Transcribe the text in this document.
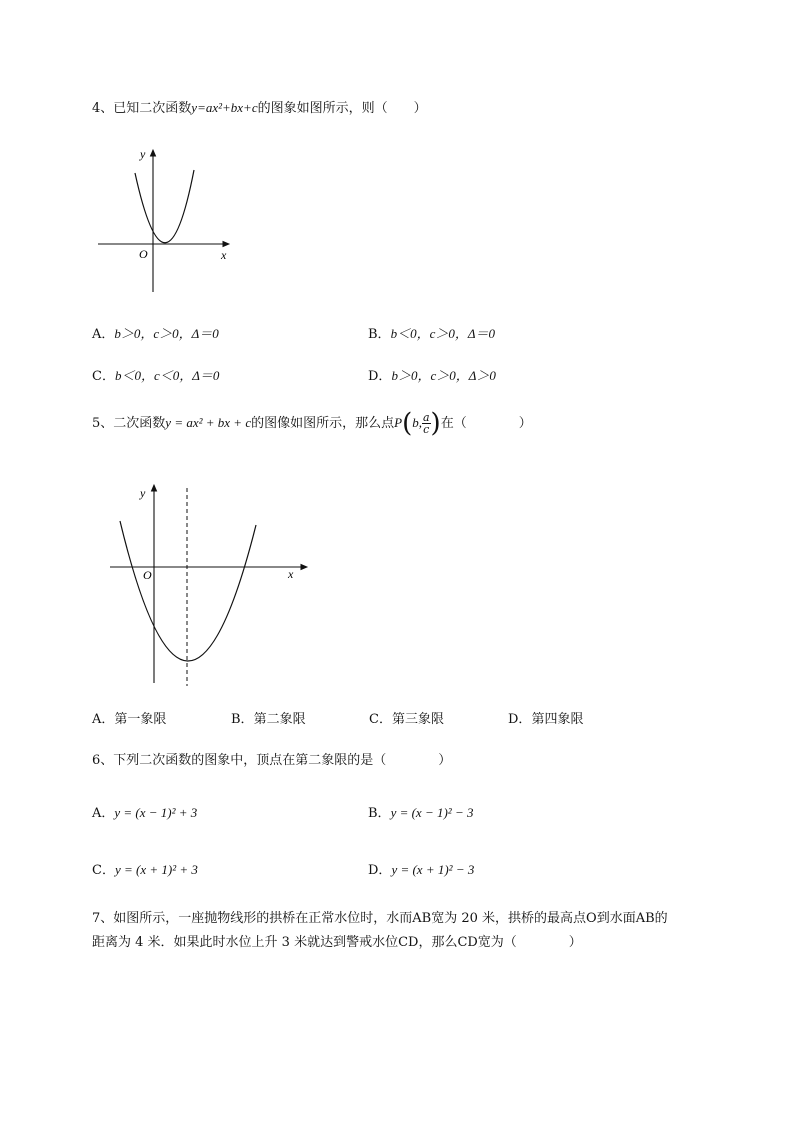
4、已知二次函数y=ax²+bx+c的图象如图所示，则（　　）
y
x
O
A．b＞0，c＞0，Δ＝0	B．b＜0，c＞0，Δ＝0
C．b＜0，c＜0，Δ＝0	D．b＞0，c＞0，Δ＞0
5、二次函数y = ax² + bx + c的图像如图所示，那么点P(b, $\frac{a}{c}$ )在（　　　　）
y
x
O
A．第一象限	B．第二象限	C．第三象限	D．第四象限
6、下列二次函数的图象中，顶点在第二象限的是（　　　　）
A．y = (x − 1)² + 3	B．y = (x − 1)² − 3
C．y = (x + 1)² + 3	D．y = (x + 1)² − 3
7、如图所示，一座抛物线形的拱桥在正常水位时，水而AB宽为 20 米，拱桥的最高点O到水面AB的
距离为 4 米．如果此时水位上升 3 米就达到警戒水位CD，那么CD宽为（　　　　）
